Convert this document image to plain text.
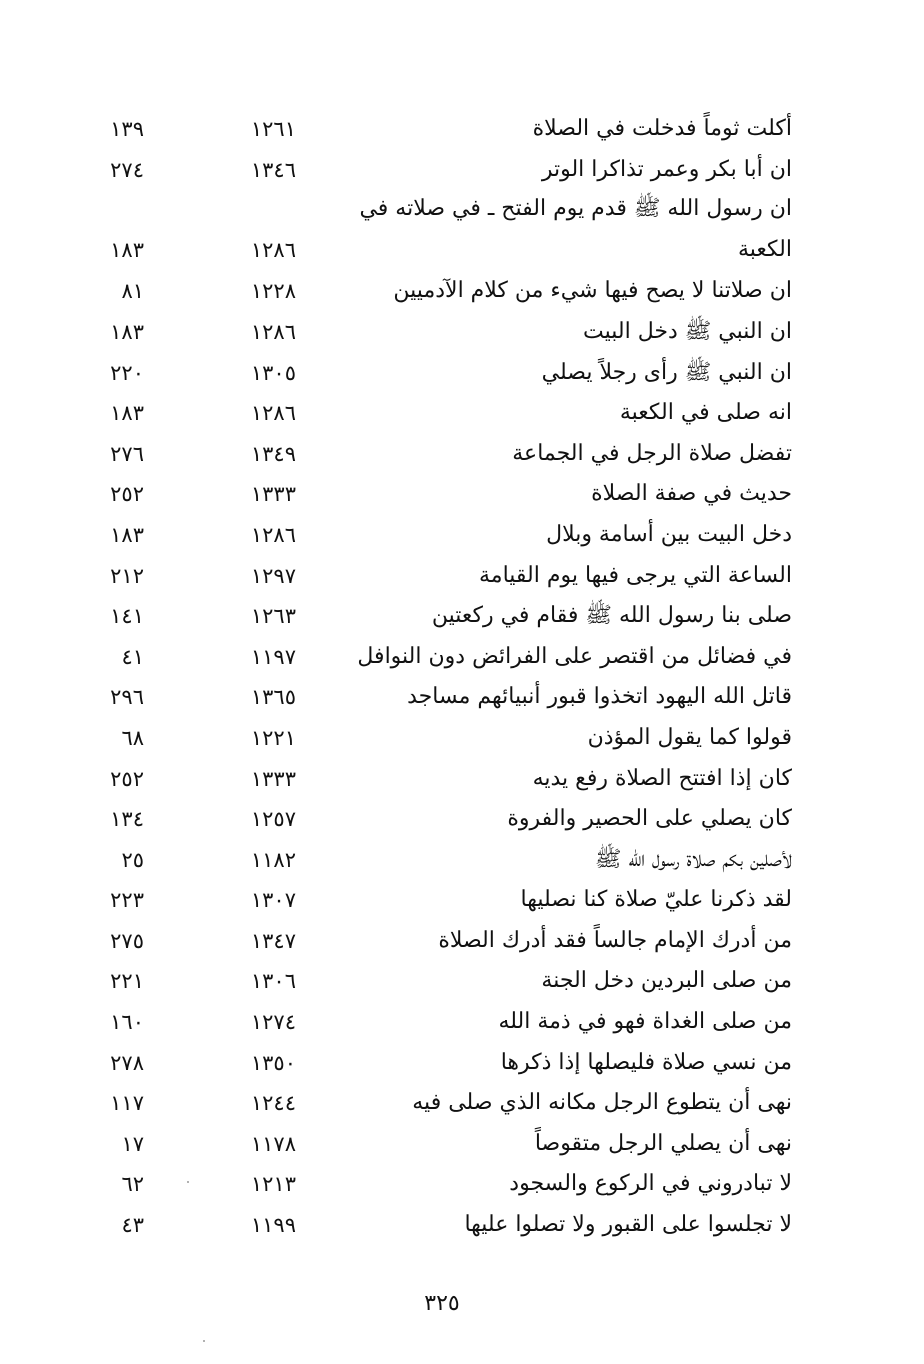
أكلت ثوماً فدخلت في الصلاة
١٢٦١
١٣٩
ان أبا بكر وعمر تذاكرا الوتر
١٣٤٦
٢٧٤
ان رسول الله ﷺ قدم يوم الفتح ـ في صلاته في الكعبة
١٢٨٦
١٨٣
ان صلاتنا لا يصح فيها شيء من كلام الآدميين
١٢٢٨
٨١
ان النبي ﷺ دخل البيت
١٢٨٦
١٨٣
ان النبي ﷺ رأى رجلاً يصلي
١٣٠٥
٢٢٠
انه صلى في الكعبة
١٢٨٦
١٨٣
تفضل صلاة الرجل في الجماعة
١٣٤٩
٢٧٦
حديث في صفة الصلاة
١٣٣٣
٢٥٢
دخل البيت بين أسامة وبلال
١٢٨٦
١٨٣
الساعة التي يرجى فيها يوم القيامة
١٢٩٧
٢١٢
صلى بنا رسول الله ﷺ فقام في ركعتين
١٢٦٣
١٤١
في فضائل من اقتصر على الفرائض دون النوافل
١١٩٧
٤١
قاتل الله اليهود اتخذوا قبور أنبيائهم مساجد
١٣٦٥
٢٩٦
قولوا كما يقول المؤذن
١٢٢١
٦٨
كان إذا افتتح الصلاة رفع يديه
١٣٣٣
٢٥٢
كان يصلي على الحصير والفروة
١٢٥٧
١٣٤
لأصلين بكم صلاة رسول الله ﷺ
١١٨٢
٢٥
لقد ذكرنا عليّ صلاة كنا نصليها
١٣٠٧
٢٢٣
من أدرك الإمام جالساً فقد أدرك الصلاة
١٣٤٧
٢٧٥
من صلى البردين دخل الجنة
١٣٠٦
٢٢١
من صلى الغداة فهو في ذمة الله
١٢٧٤
١٦٠
من نسي صلاة فليصلها إذا ذكرها
١٣٥٠
٢٧٨
نهى أن يتطوع الرجل مكانه الذي صلى فيه
١٢٤٤
١١٧
نهى أن يصلي الرجل متقوصاً
١١٧٨
١٧
لا تبادروني في الركوع والسجود
١٢١٣
٦٢
لا تجلسوا على القبور ولا تصلوا عليها
١١٩٩
٤٣
٣٢٥
